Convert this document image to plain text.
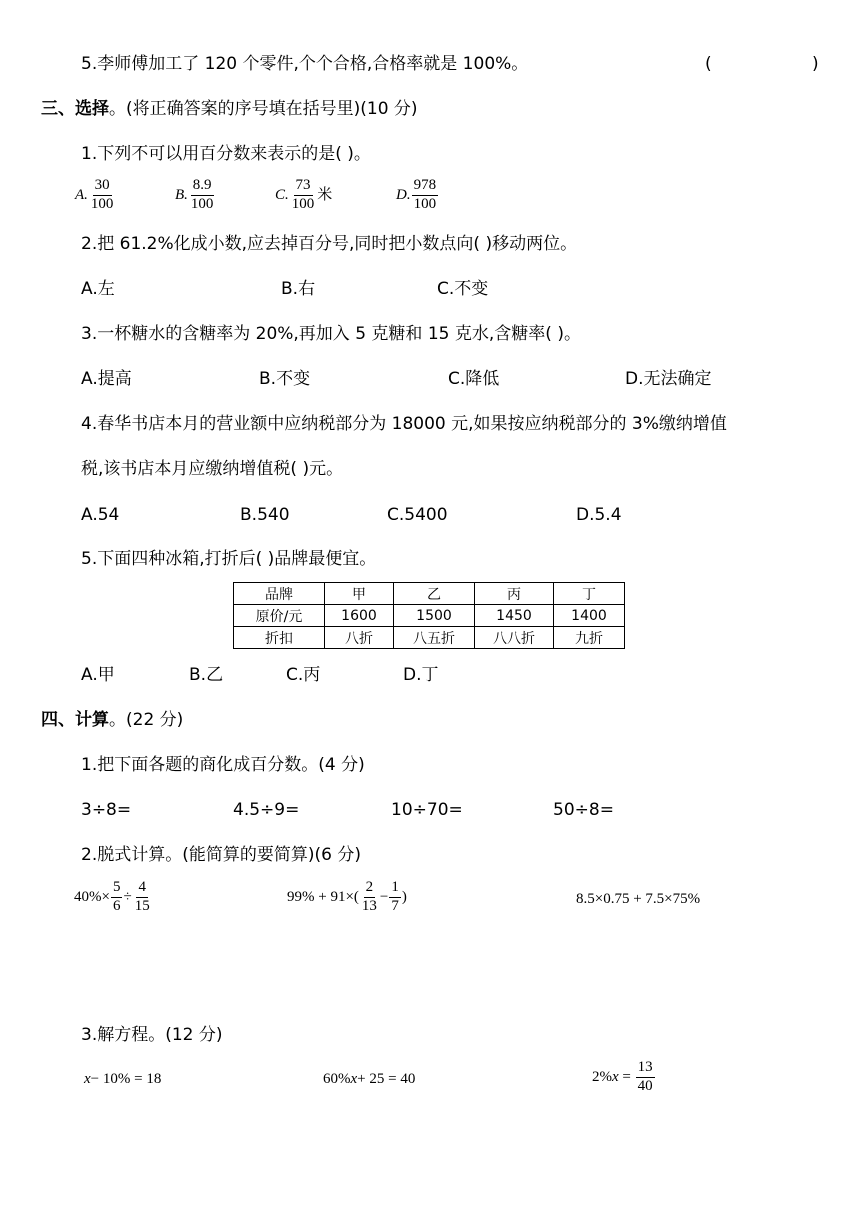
5.李师傅加工了 120 个零件,个个合格,合格率就是 100%。	(	)
三、选择。(将正确答案的序号填在括号里)(10 分)
1.下列不可以用百分数来表示的是( )。
A. $\frac{30}{100}$	B. $\frac{8.9}{100}$	C. $\frac{73}{100}$ 米	D. $\frac{978}{100}$
2.把 61.2%化成小数,应去掉百分号,同时把小数点向( )移动两位。
A.左	B.右	C.不变
3.一杯糖水的含糖率为 20%,再加入 5 克糖和 15 克水,含糖率( )。
A.提高	B.不变	C.降低	D.无法确定
4.春华书店本月的营业额中应纳税部分为 18000 元,如果按应纳税部分的 3%缴纳增值
税,该书店本月应缴纳增值税( )元。
A.54	B.540	C.5400	D.5.4
5.下面四种冰箱,打折后( )品牌最便宜。
品牌	甲	乙	丙	丁
原价/元	1600	1500	1450	1400
折扣	八折	八五折	八八折	九折
A.甲	B.乙	C.丙	D.丁
四、计算。(22 分)
1.把下面各题的商化成百分数。(4 分)
3÷8=	4.5÷9=	10÷70=	50÷8=
2.脱式计算。(能简算的要简算)(6 分)
$40\%\times \frac{5}{6} \div \frac{4}{15}$	$99\% + 91\times( \frac{2}{13} - \frac{1}{7}$ )	8.5×0.75 + 7.5×75%
3.解方程。(12 分)
x − 10% = 18	60% x + 25 = 40	2% $x = \frac{13}{40}$
